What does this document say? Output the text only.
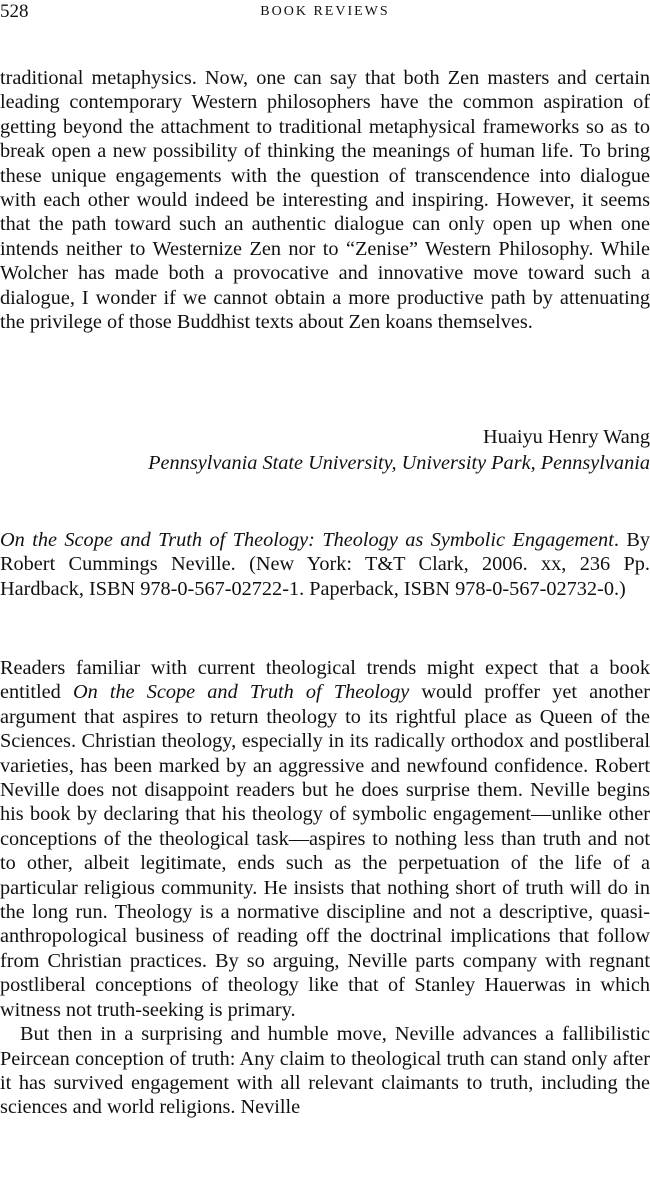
528	BOOK REVIEWS

traditional metaphysics. Now, one can say that both Zen masters and certain leading contemporary Western philosophers have the common aspiration of getting beyond the attachment to traditional metaphysical frameworks so as to break open a new possibility of thinking the meanings of human life. To bring these unique engagements with the question of transcendence into dialogue with each other would indeed be interesting and inspiring. However, it seems that the path toward such an authentic dialogue can only open up when one intends neither to Westernize Zen nor to “Zenise” Western Philosophy. While Wolcher has made both a provocative and innovative move toward such a dialogue, I wonder if we cannot obtain a more productive path by attenuating the privilege of those Buddhist texts about Zen koans themselves.

Huaiyu Henry Wang
Pennsylvania State University, University Park, Pennsylvania

On the Scope and Truth of Theology: Theology as Symbolic Engagement. By Robert Cummings Neville. (New York: T&T Clark, 2006. xx, 236 Pp. Hardback, ISBN 978-0-567-02722-1. Paperback, ISBN 978-0-567-02732-0.)

Readers familiar with current theological trends might expect that a book entitled On the Scope and Truth of Theology would proffer yet another argument that aspires to return theology to its rightful place as Queen of the Sciences. Christian theology, especially in its radically orthodox and postliberal varieties, has been marked by an aggressive and newfound confidence. Robert Neville does not disappoint readers but he does surprise them. Neville begins his book by declaring that his theology of symbolic engagement—unlike other conceptions of the theological task—aspires to nothing less than truth and not to other, albeit legitimate, ends such as the perpetuation of the life of a particular religious community. He insists that nothing short of truth will do in the long run. Theology is a normative discipline and not a descriptive, quasi-anthropological business of reading off the doctrinal implications that follow from Christian practices. By so arguing, Neville parts company with regnant postliberal conceptions of theology like that of Stanley Hauerwas in which witness not truth-seeking is primary.

But then in a surprising and humble move, Neville advances a fallibilistic Peircean conception of truth: Any claim to theological truth can stand only after it has survived engagement with all relevant claimants to truth, including the sciences and world religions. Neville
